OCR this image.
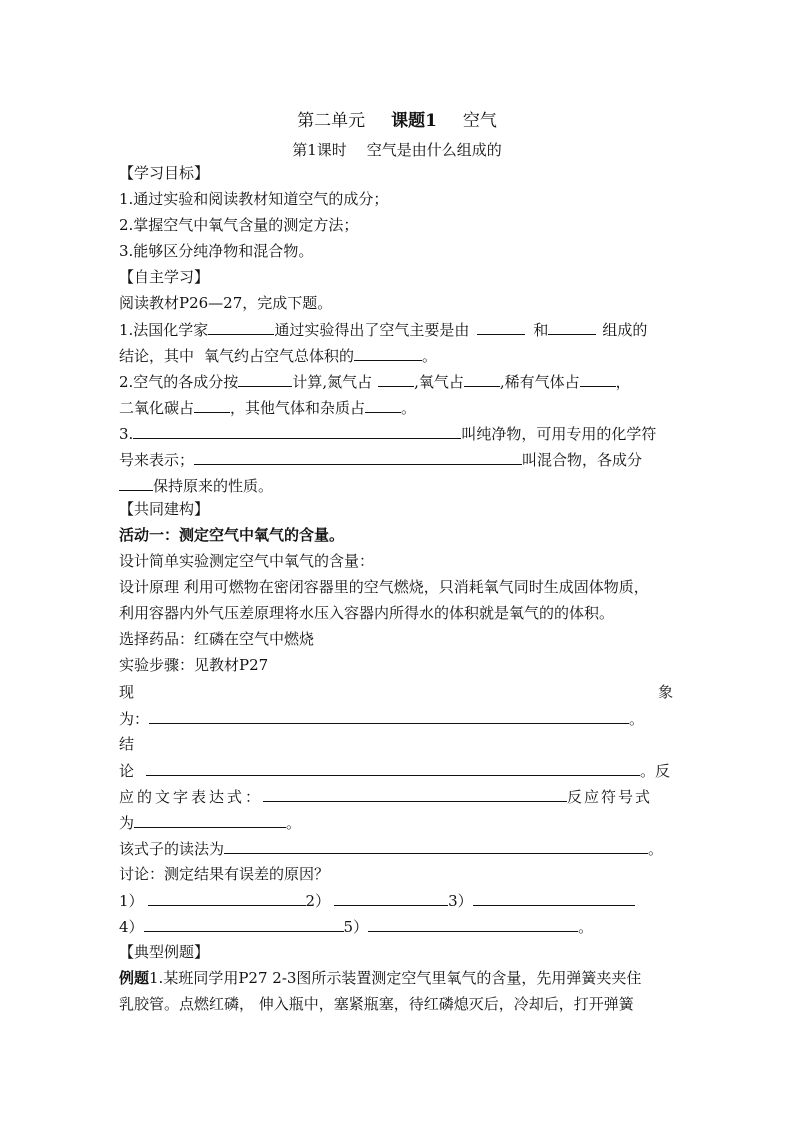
第二单元 课题1 空气
第1课时 空气是由什么组成的
【学习目标】
1.通过实验和阅读教材知道空气的成分；
2.掌握空气中氧气含量的测定方法；
3.能够区分纯净物和混合物。
【自主学习】
阅读教材P26—27，完成下题。
1.法国化学家	通过实验得出了空气主要是由	和	组成的
结论，其中 氧气约占空气总体积的	。
2.空气的各成分按	计算,氮气占	,氧气占 ,稀有气体占 ，
二氧化碳占 ，其他气体和杂质占 。
3.	叫纯净物，可用专用的化学符
号来表示；	叫混合物，各成分
保持原来的性质。
【共同建构】
活动一：测定空气中氧气的含量。
设计简单实验测定空气中氧气的含量：
设计原理 利用可燃物在密闭容器里的空气燃烧，只消耗氧气同时生成固体物质，
利用容器内外气压差原理将水压入容器内所得水的体积就是氧气的的体积。
选择药品：红磷在空气中燃烧
实验步骤：见教材P27
现	象
为：	。
结
论	。反
应的文字表达式：	反应符号式
为	。
该式子的读法为	。
讨论：测定结果有误差的原因？
1）	2）	3）
4）	5）	。
【典型例题】
例题1.某班同学用P27 2-3图所示装置测定空气里氧气的含量，先用弹簧夹夹住
乳胶管。点燃红磷， 伸入瓶中，塞紧瓶塞，待红磷熄灭后，冷却后，打开弹簧
